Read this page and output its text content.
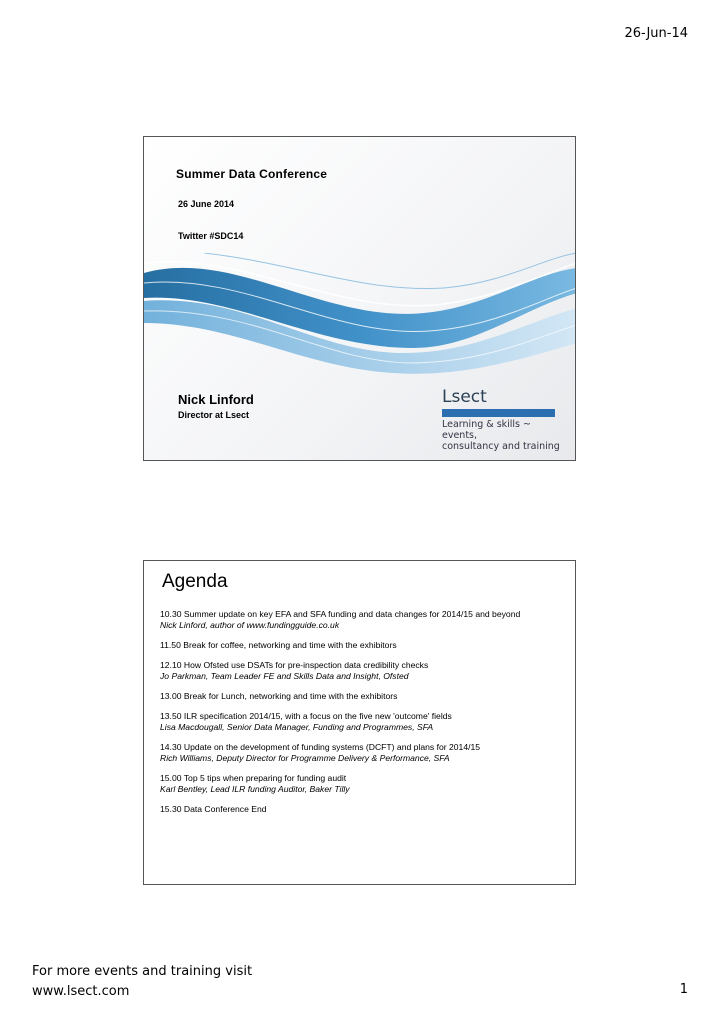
26-Jun-14
Summer Data Conference
26 June 2014
Twitter #SDC14
Nick Linford
Director at Lsect
Lsect
Learning & skills ~ events,
consultancy and training
Agenda
10.30 Summer update on key EFA and SFA funding and data changes for 2014/15 and beyond
Nick Linford, author of www.fundingguide.co.uk
11.50 Break for coffee, networking and time with the exhibitors
12.10 How Ofsted use DSATs for pre-inspection data credibility checks
Jo Parkman, Team Leader FE and Skills Data and Insight, Ofsted
13.00 Break for Lunch, networking and time with the exhibitors
13.50 ILR specification 2014/15, with a focus on the five new 'outcome' fields
Lisa Macdougall, Senior Data Manager, Funding and Programmes, SFA
14.30 Update on the development of funding systems (DCFT) and plans for 2014/15
Rich Williams, Deputy Director for Programme Delivery & Performance, SFA
15.00 Top 5 tips when preparing for funding audit
Karl Bentley, Lead ILR funding Auditor, Baker Tilly
15.30 Data Conference End
For more events and training visit
www.lsect.com	1
